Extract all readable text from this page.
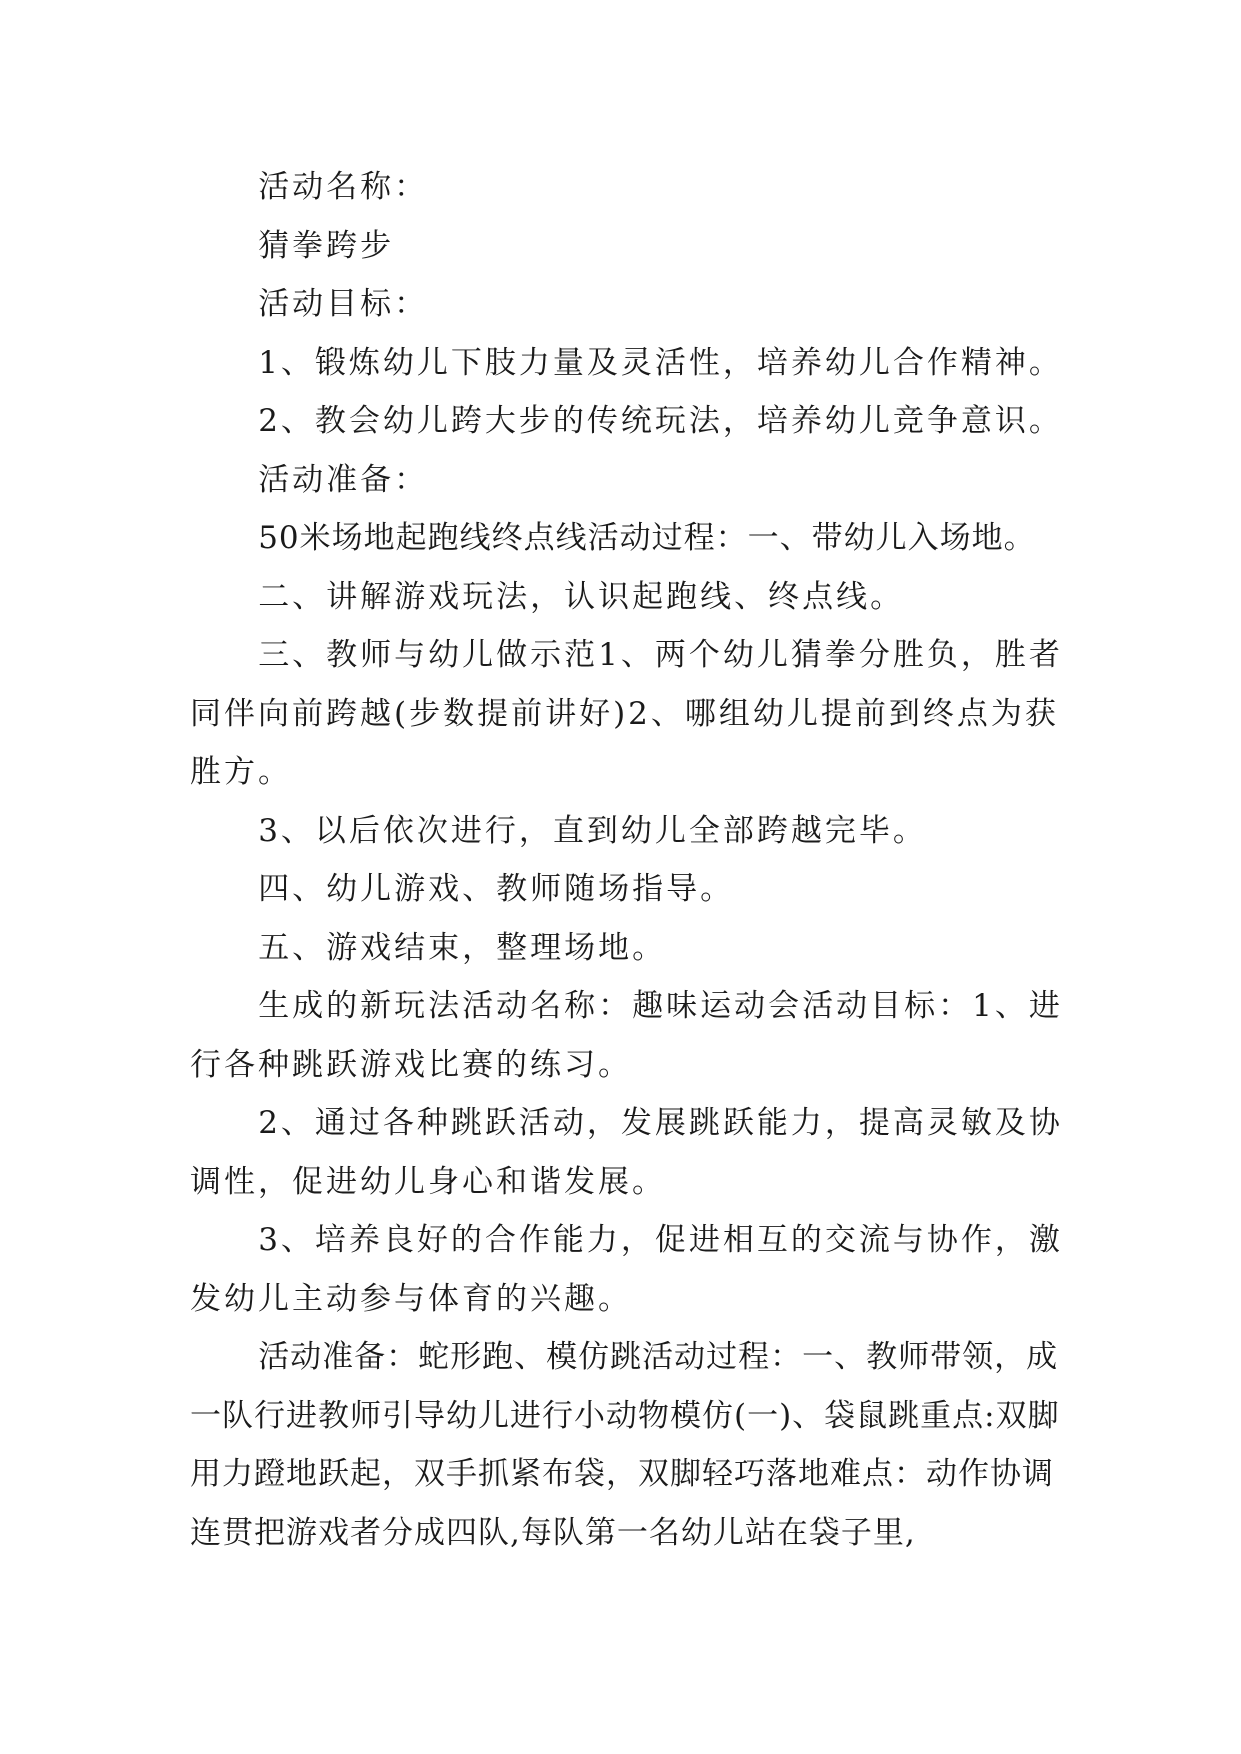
活动名称：

猜拳跨步

活动目标：

1、锻炼幼儿下肢力量及灵活性，培养幼儿合作精神。

2、教会幼儿跨大步的传统玩法，培养幼儿竞争意识。

活动准备：

50米场地起跑线终点线活动过程：一、带幼儿入场地。

二、讲解游戏玩法，认识起跑线、终点线。

三、教师与幼儿做示范1、两个幼儿猜拳分胜负，胜者同伴向前跨越(步数提前讲好)2、哪组幼儿提前到终点为获胜方。

3、以后依次进行，直到幼儿全部跨越完毕。

四、幼儿游戏、教师随场指导。

五、游戏结束，整理场地。

生成的新玩法活动名称：趣味运动会活动目标：1、进行各种跳跃游戏比赛的练习。

2、通过各种跳跃活动，发展跳跃能力，提高灵敏及协调性，促进幼儿身心和谐发展。

3、培养良好的合作能力，促进相互的交流与协作，激发幼儿主动参与体育的兴趣。

活动准备：蛇形跑、模仿跳活动过程：一、教师带领，成一队行进教师引导幼儿进行小动物模仿(一)、袋鼠跳重点:双脚用力蹬地跃起，双手抓紧布袋，双脚轻巧落地难点：动作协调连贯把游戏者分成四队,每队第一名幼儿站在袋子里,
